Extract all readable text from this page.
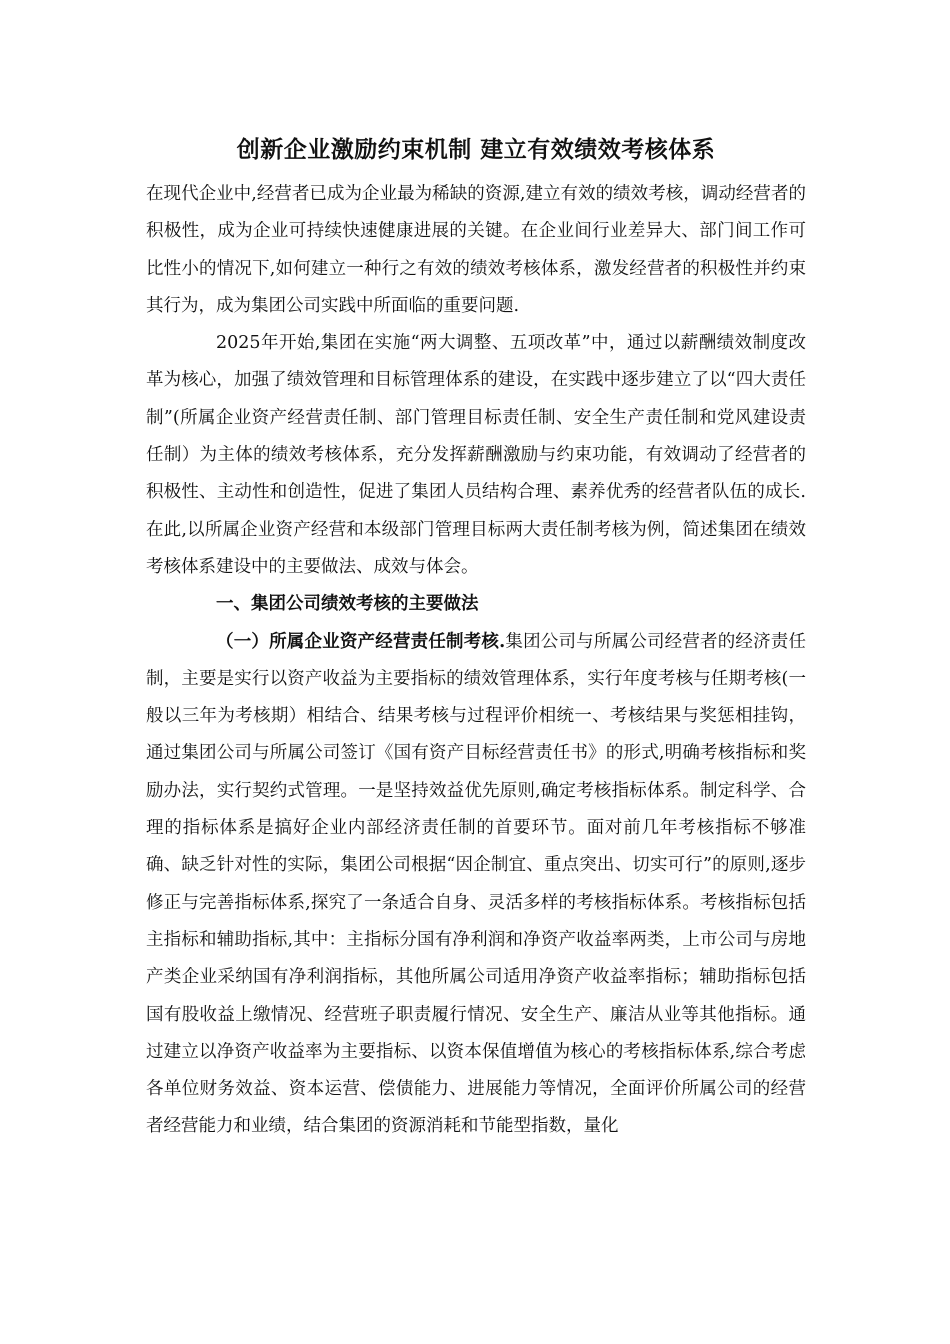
创新企业激励约束机制 建立有效绩效考核体系

在现代企业中,经营者已成为企业最为稀缺的资源,建立有效的绩效考核，调动经营者的积极性，成为企业可持续快速健康进展的关键。在企业间行业差异大、部门间工作可比性小的情况下,如何建立一种行之有效的绩效考核体系，激发经营者的积极性并约束其行为，成为集团公司实践中所面临的重要问题.

2025年开始,集团在实施“两大调整、五项改革”中，通过以薪酬绩效制度改革为核心，加强了绩效管理和目标管理体系的建设，在实践中逐步建立了以“四大责任制”(所属企业资产经营责任制、部门管理目标责任制、安全生产责任制和党风建设责任制）为主体的绩效考核体系，充分发挥薪酬激励与约束功能，有效调动了经营者的积极性、主动性和创造性，促进了集团人员结构合理、素养优秀的经营者队伍的成长.在此,以所属企业资产经营和本级部门管理目标两大责任制考核为例，简述集团在绩效考核体系建设中的主要做法、成效与体会。

一、集团公司绩效考核的主要做法

（一）所属企业资产经营责任制考核.集团公司与所属公司经营者的经济责任制，主要是实行以资产收益为主要指标的绩效管理体系，实行年度考核与任期考核(一般以三年为考核期）相结合、结果考核与过程评价相统一、考核结果与奖惩相挂钩，通过集团公司与所属公司签订《国有资产目标经营责任书》的形式,明确考核指标和奖励办法，实行契约式管理。一是坚持效益优先原则,确定考核指标体系。制定科学、合理的指标体系是搞好企业内部经济责任制的首要环节。面对前几年考核指标不够准确、缺乏针对性的实际，集团公司根据“因企制宜、重点突出、切实可行”的原则,逐步修正与完善指标体系,探究了一条适合自身、灵活多样的考核指标体系。考核指标包括主指标和辅助指标,其中：主指标分国有净利润和净资产收益率两类，上市公司与房地产类企业采纳国有净利润指标，其他所属公司适用净资产收益率指标；辅助指标包括国有股收益上缴情况、经营班子职责履行情况、安全生产、廉洁从业等其他指标。通过建立以净资产收益率为主要指标、以资本保值增值为核心的考核指标体系,综合考虑各单位财务效益、资本运营、偿债能力、进展能力等情况，全面评价所属公司的经营者经营能力和业绩，结合集团的资源消耗和节能型指数，量化
